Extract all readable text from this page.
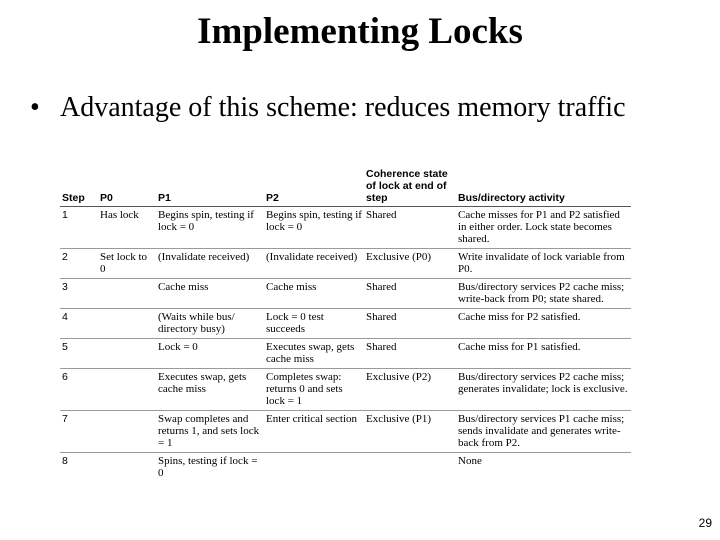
Implementing Locks
• Advantage of this scheme: reduces memory traffic
Step	P0	P1	P2	Coherence state of lock at end of step	Bus/directory activity
1	Has lock	Begins spin, testing if lock = 0	Begins spin, testing if lock = 0	Shared	Cache misses for P1 and P2 satisfied in either order. Lock state becomes shared.
2	Set lock to 0	(Invalidate received)	(Invalidate received)	Exclusive (P0)	Write invalidate of lock variable from P0.
3		Cache miss	Cache miss	Shared	Bus/directory services P2 cache miss; write-back from P0; state shared.
4		(Waits while bus/ directory busy)	Lock = 0 test succeeds	Shared	Cache miss for P2 satisfied.
5		Lock = 0	Executes swap, gets cache miss	Shared	Cache miss for P1 satisfied.
6		Executes swap, gets cache miss	Completes swap: returns 0 and sets lock = 1	Exclusive (P2)	Bus/directory services P2 cache miss; generates invalidate; lock is exclusive.
7		Swap completes and returns 1, and sets lock = 1	Enter critical section	Exclusive (P1)	Bus/directory services P1 cache miss; sends invalidate and generates write-back from P2.
8		Spins, testing if lock = 0			None
29
